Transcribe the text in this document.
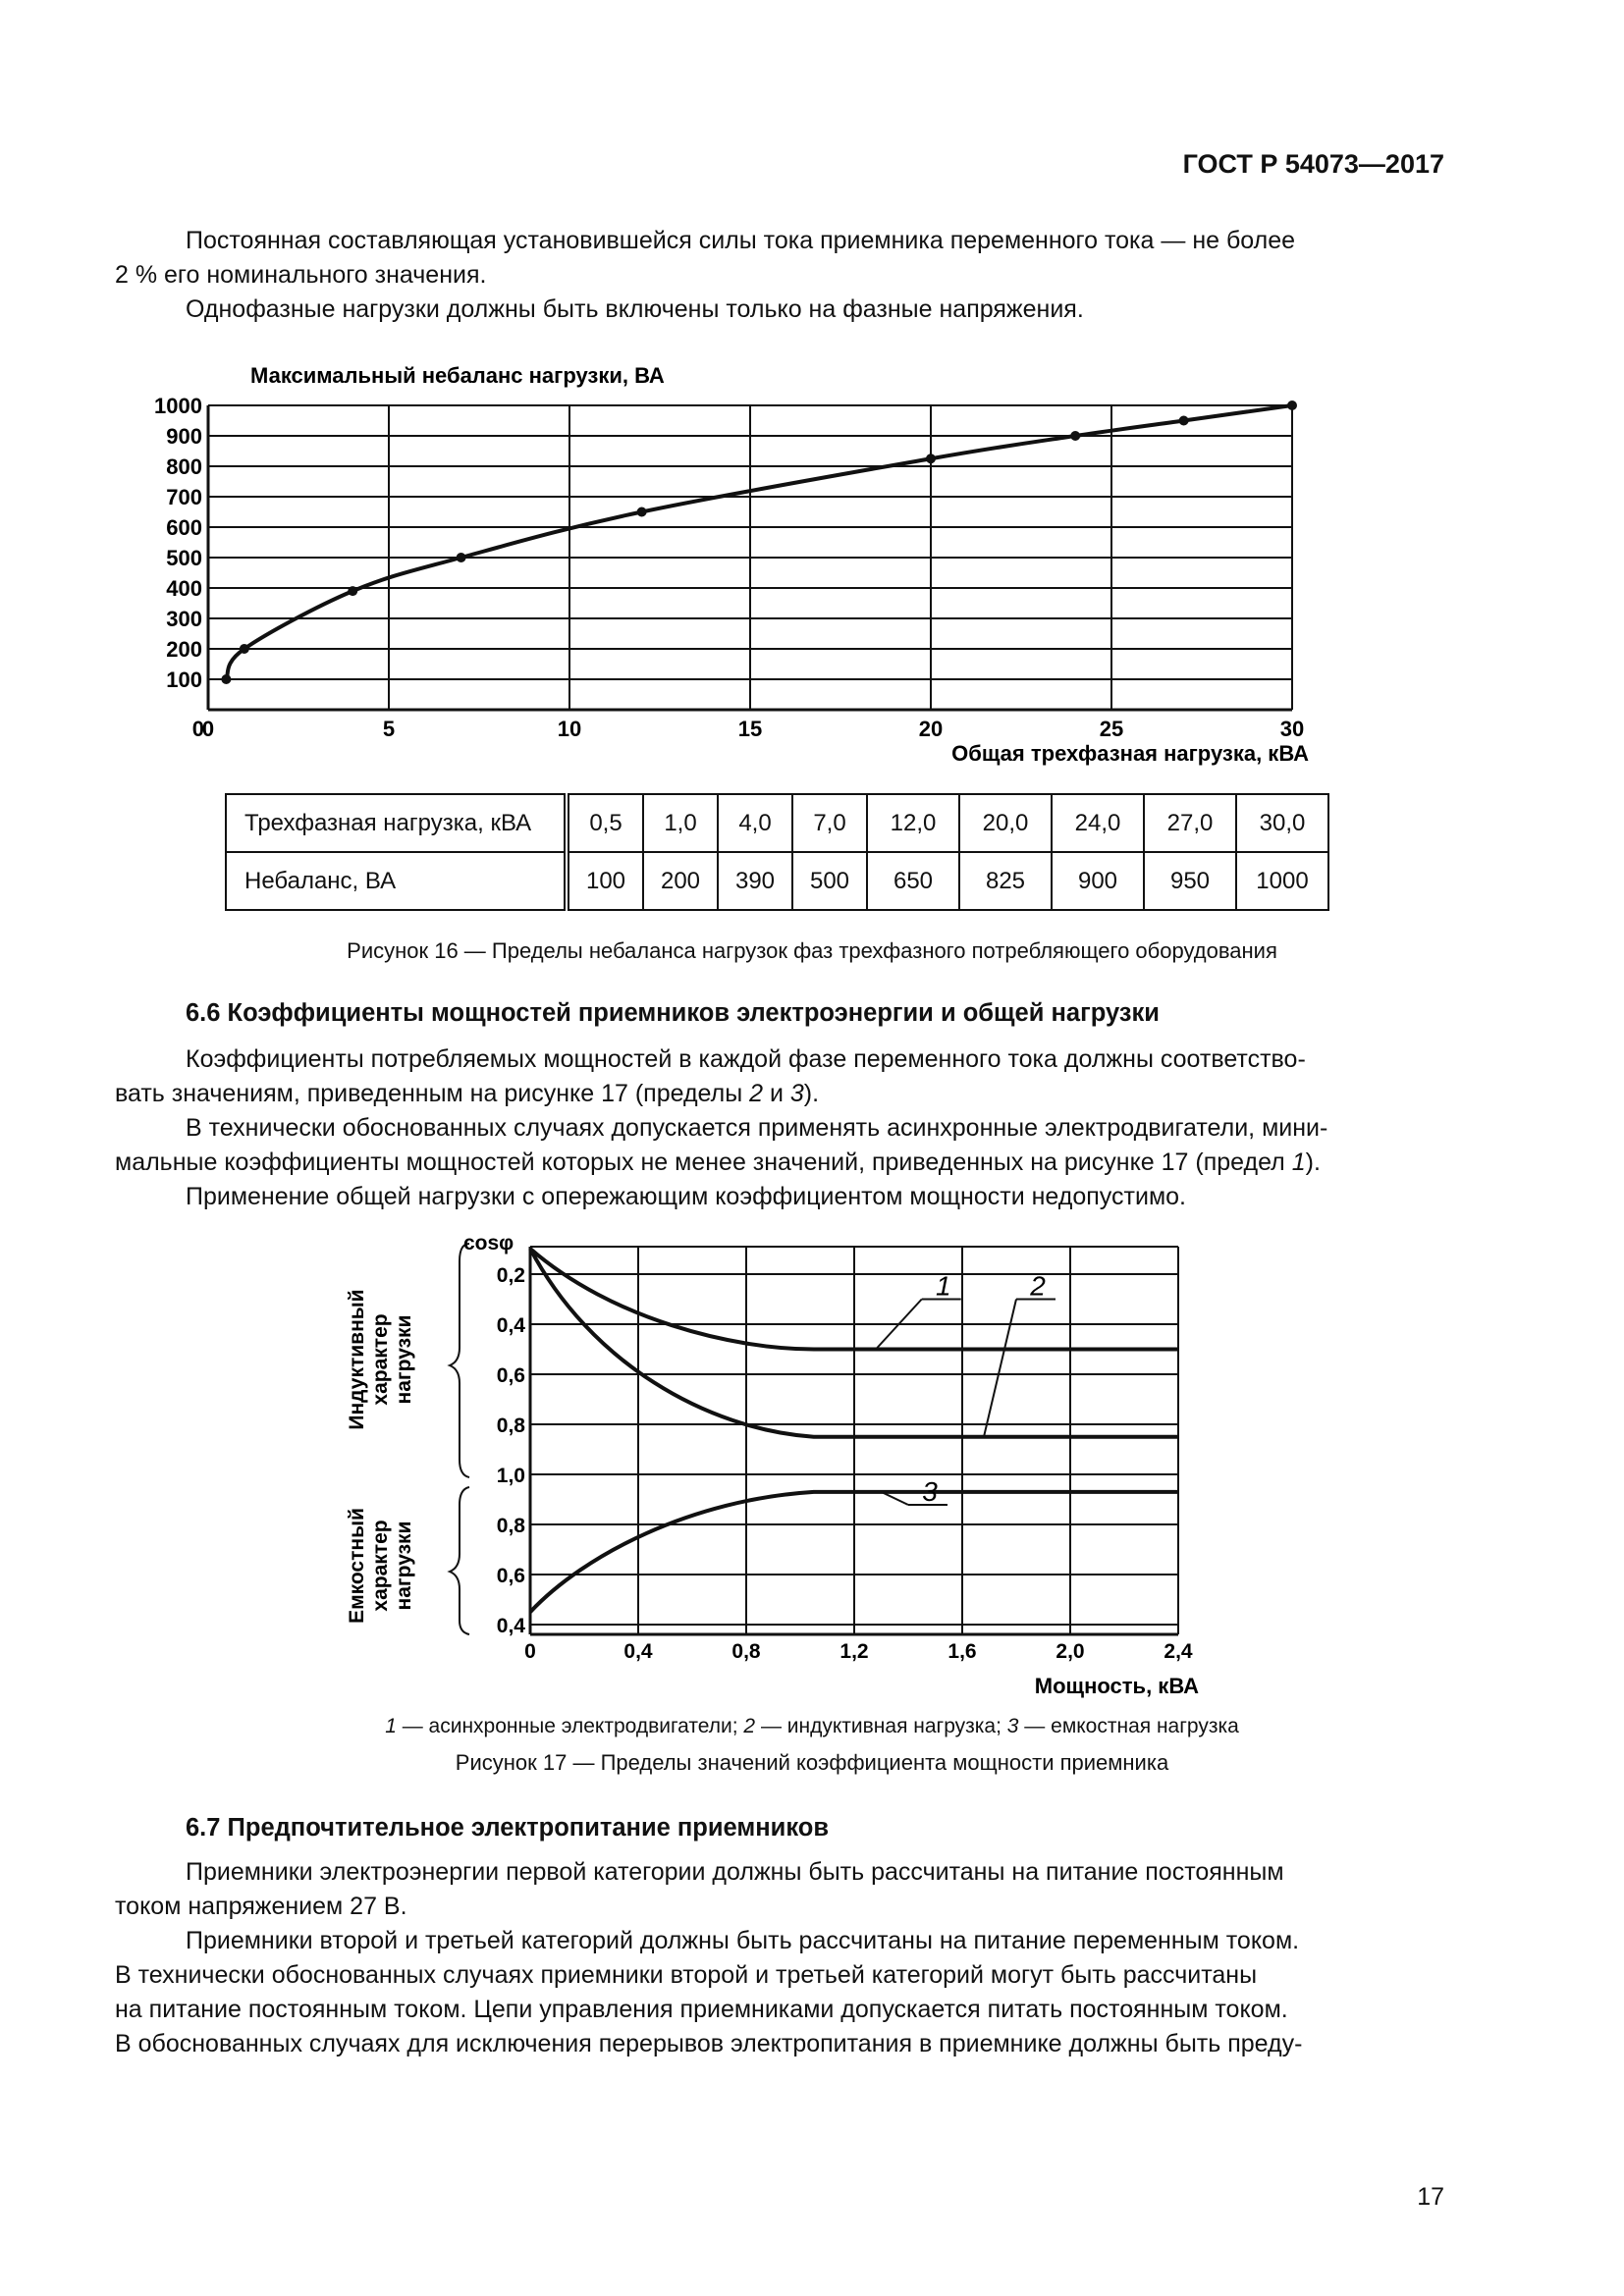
ГОСТ Р 54073—2017
Постоянная составляющая установившейся силы тока приемника переменного тока — не более
2 % его номинального значения.
Однофазные нагрузки должны быть включены только на фазные напряжения.
0	5	10	15	20	25	30
100
200
300
400
500
600
700
800
900
1000
0
Максимальный небаланс нагрузки, ВА
Общая трехфазная нагрузка, кВА
Трехфазная нагрузка, кВА	0,5	1,0	4,0	7,0	12,0	20,0	24,0	27,0	30,0
Небаланс, ВА	100	200	390	500	650	825	900	950	1000
Рисунок 16 — Пределы небаланса нагрузок фаз трехфазного потребляющего оборудования
6.6 Коэффициенты мощностей приемников электроэнергии и общей нагрузки
Коэффициенты потребляемых мощностей в каждой фазе переменного тока должны соответство-
вать значениям, приведенным на рисунке 17 (пределы 2 и 3).
В технически обоснованных случаях допускается применять асинхронные электродвигатели, мини-
мальные коэффициенты мощностей которых не менее значений, приведенных на рисунке 17 (предел 1).
Применение общей нагрузки с опережающим коэффициентом мощности недопустимо.
0	0,4	0,8	1,2	1,6	2,0	2,4
0,2
0,4
0,6
0,8
1,0
0,8
0,6
0,4
1	2
3
cosφ
Мощность, кВА
Индуктивный характер нагрузки
Емкостный характер нагрузки
1 — асинхронные электродвигатели; 2 — индуктивная нагрузка; 3 — емкостная нагрузка
Рисунок 17 — Пределы значений коэффициента мощности приемника
6.7 Предпочтительное электропитание приемников
Приемники электроэнергии первой категории должны быть рассчитаны на питание постоянным
током напряжением 27 В.
Приемники второй и третьей категорий должны быть рассчитаны на питание переменным током.
В технически обоснованных случаях приемники второй и третьей категорий могут быть рассчитаны
на питание постоянным током. Цепи управления приемниками допускается питать постоянным током.
В обоснованных случаях для исключения перерывов электропитания в приемнике должны быть преду-
17
